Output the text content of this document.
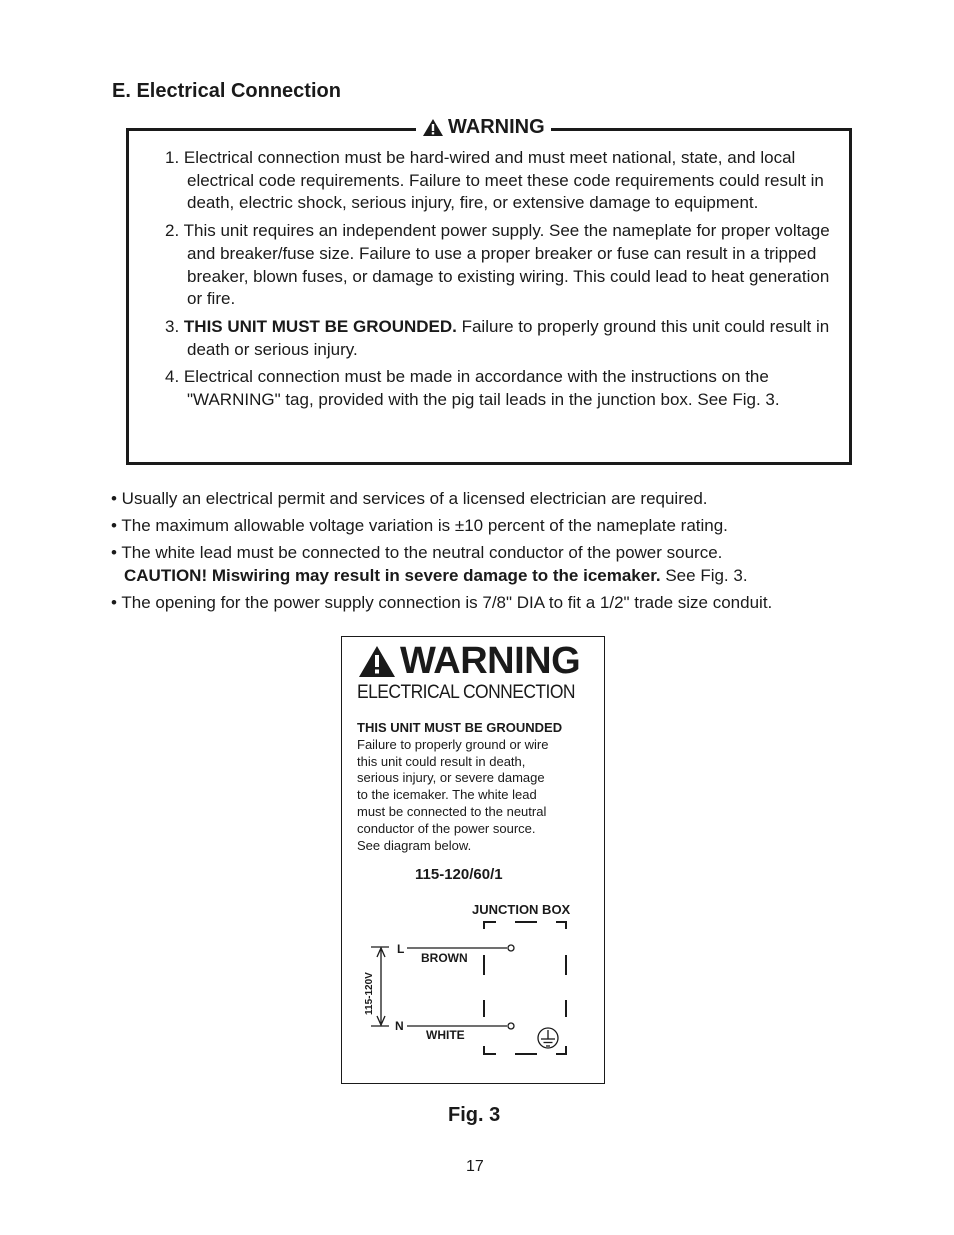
E. Electrical Connection
WARNING
1. Electrical connection must be hard-wired and must meet national, state, and local electrical code requirements. Failure to meet these code requirements could result in death, electric shock, serious injury, fire, or extensive damage to equipment.
2. This unit requires an independent power supply. See the nameplate for proper voltage and breaker/fuse size. Failure to use a proper breaker or fuse can result in a tripped breaker, blown fuses, or damage to existing wiring. This could lead to heat generation or fire.
3. THIS UNIT MUST BE GROUNDED. Failure to properly ground this unit could result in death or serious injury.
4. Electrical connection must be made in accordance with the instructions on the "WARNING" tag, provided with the pig tail leads in the junction box. See Fig. 3.
• Usually an electrical permit and services of a licensed electrician are required.
• The maximum allowable voltage variation is ±10 percent of the nameplate rating.
• The white lead must be connected to the neutral conductor of the power source.
CAUTION! Miswiring may result in severe damage to the icemaker. See Fig. 3.
• The opening for the power supply connection is 7/8" DIA to fit a 1/2" trade size conduit.
WARNING
ELECTRICAL CONNECTION
THIS UNIT MUST BE GROUNDED
Failure to properly ground or wire
this unit could result in death,
serious injury, or severe damage
to the icemaker. The white lead
must be connected to the neutral
conductor of the power source.
See diagram below.
115-120/60/1
JUNCTION BOX
115-120V
L
BROWN
N
WHITE
Fig. 3
17
